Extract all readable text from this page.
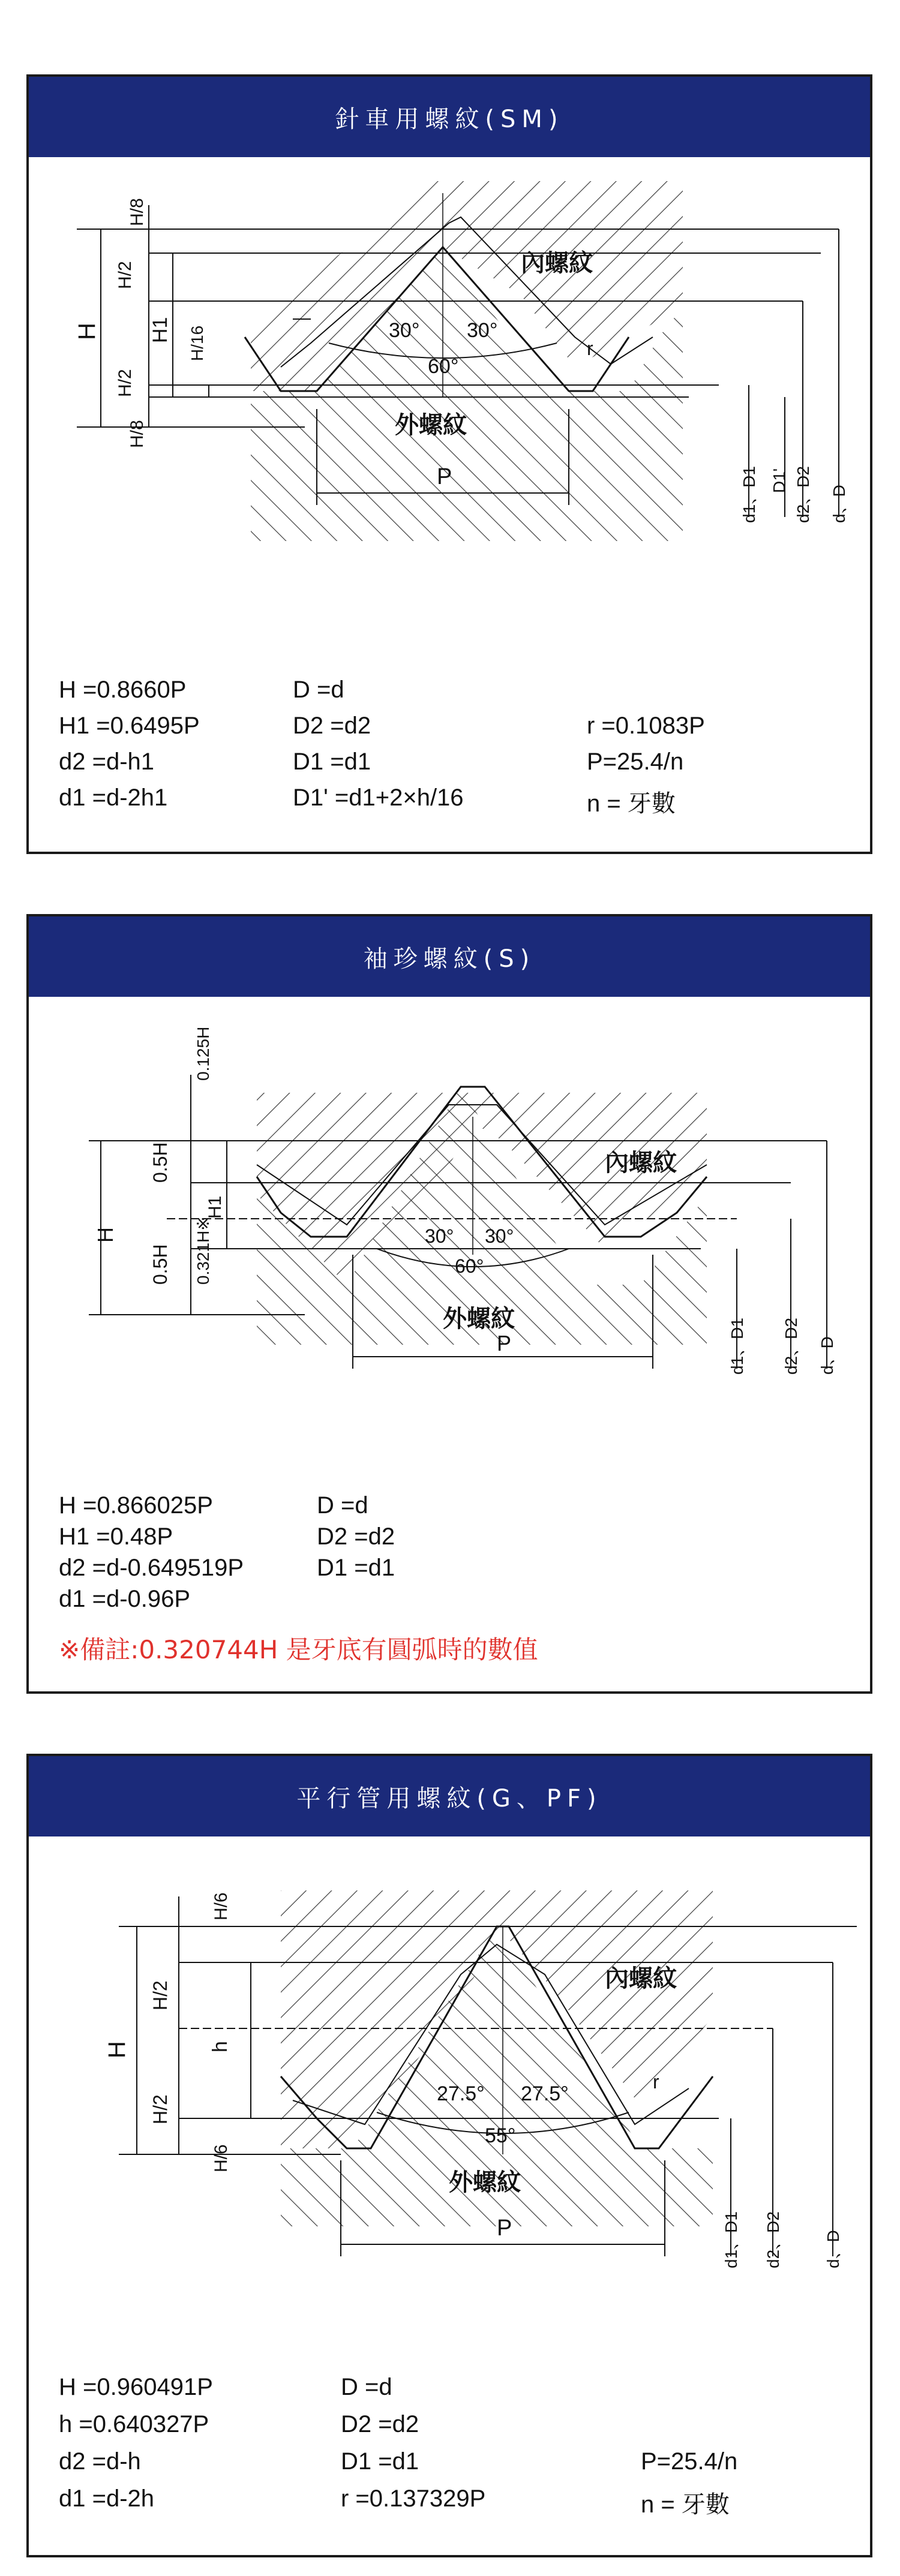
針車用螺紋(SM)
內螺紋
外螺紋
H
H/8
H/2
H1 H/16
H/2
H/8
30° 30°
60°
r
P	d1、D1 D1' d2、D2 d、D
H =0.8660P	D =d
H1 =0.6495P	D2 =d2	r =0.1083P
d2 =d-h1	D1 =d1	P=25.4/n
d1 =d-2h1	D1' =d1+2×h/16	n = 牙數
袖珍螺紋(S)
內螺紋
外螺紋
H
0.125H
0.5H
H1
0.5H 0.321H※	30° 30°
60°
P	d1、D1 d2、D2 d、D
H =0.866025P	D =d
H1 =0.48P	D2 =d2
d2 =d-0.649519P	D1 =d1
d1 =d-0.96P
※備註:0.320744H 是牙底有圓弧時的數值
平行管用螺紋(G、PF)
內螺紋
外螺紋
H
H/6
H/2
h
H/2
H/6
27.5° 27.5°
55°
r
P	d1、D1 d2、D2 d、D
H =0.960491P	D =d
h =0.640327P	D2 =d2
d2 =d-h	D1 =d1	P=25.4/n
d1 =d-2h	r =0.137329P	n = 牙數
